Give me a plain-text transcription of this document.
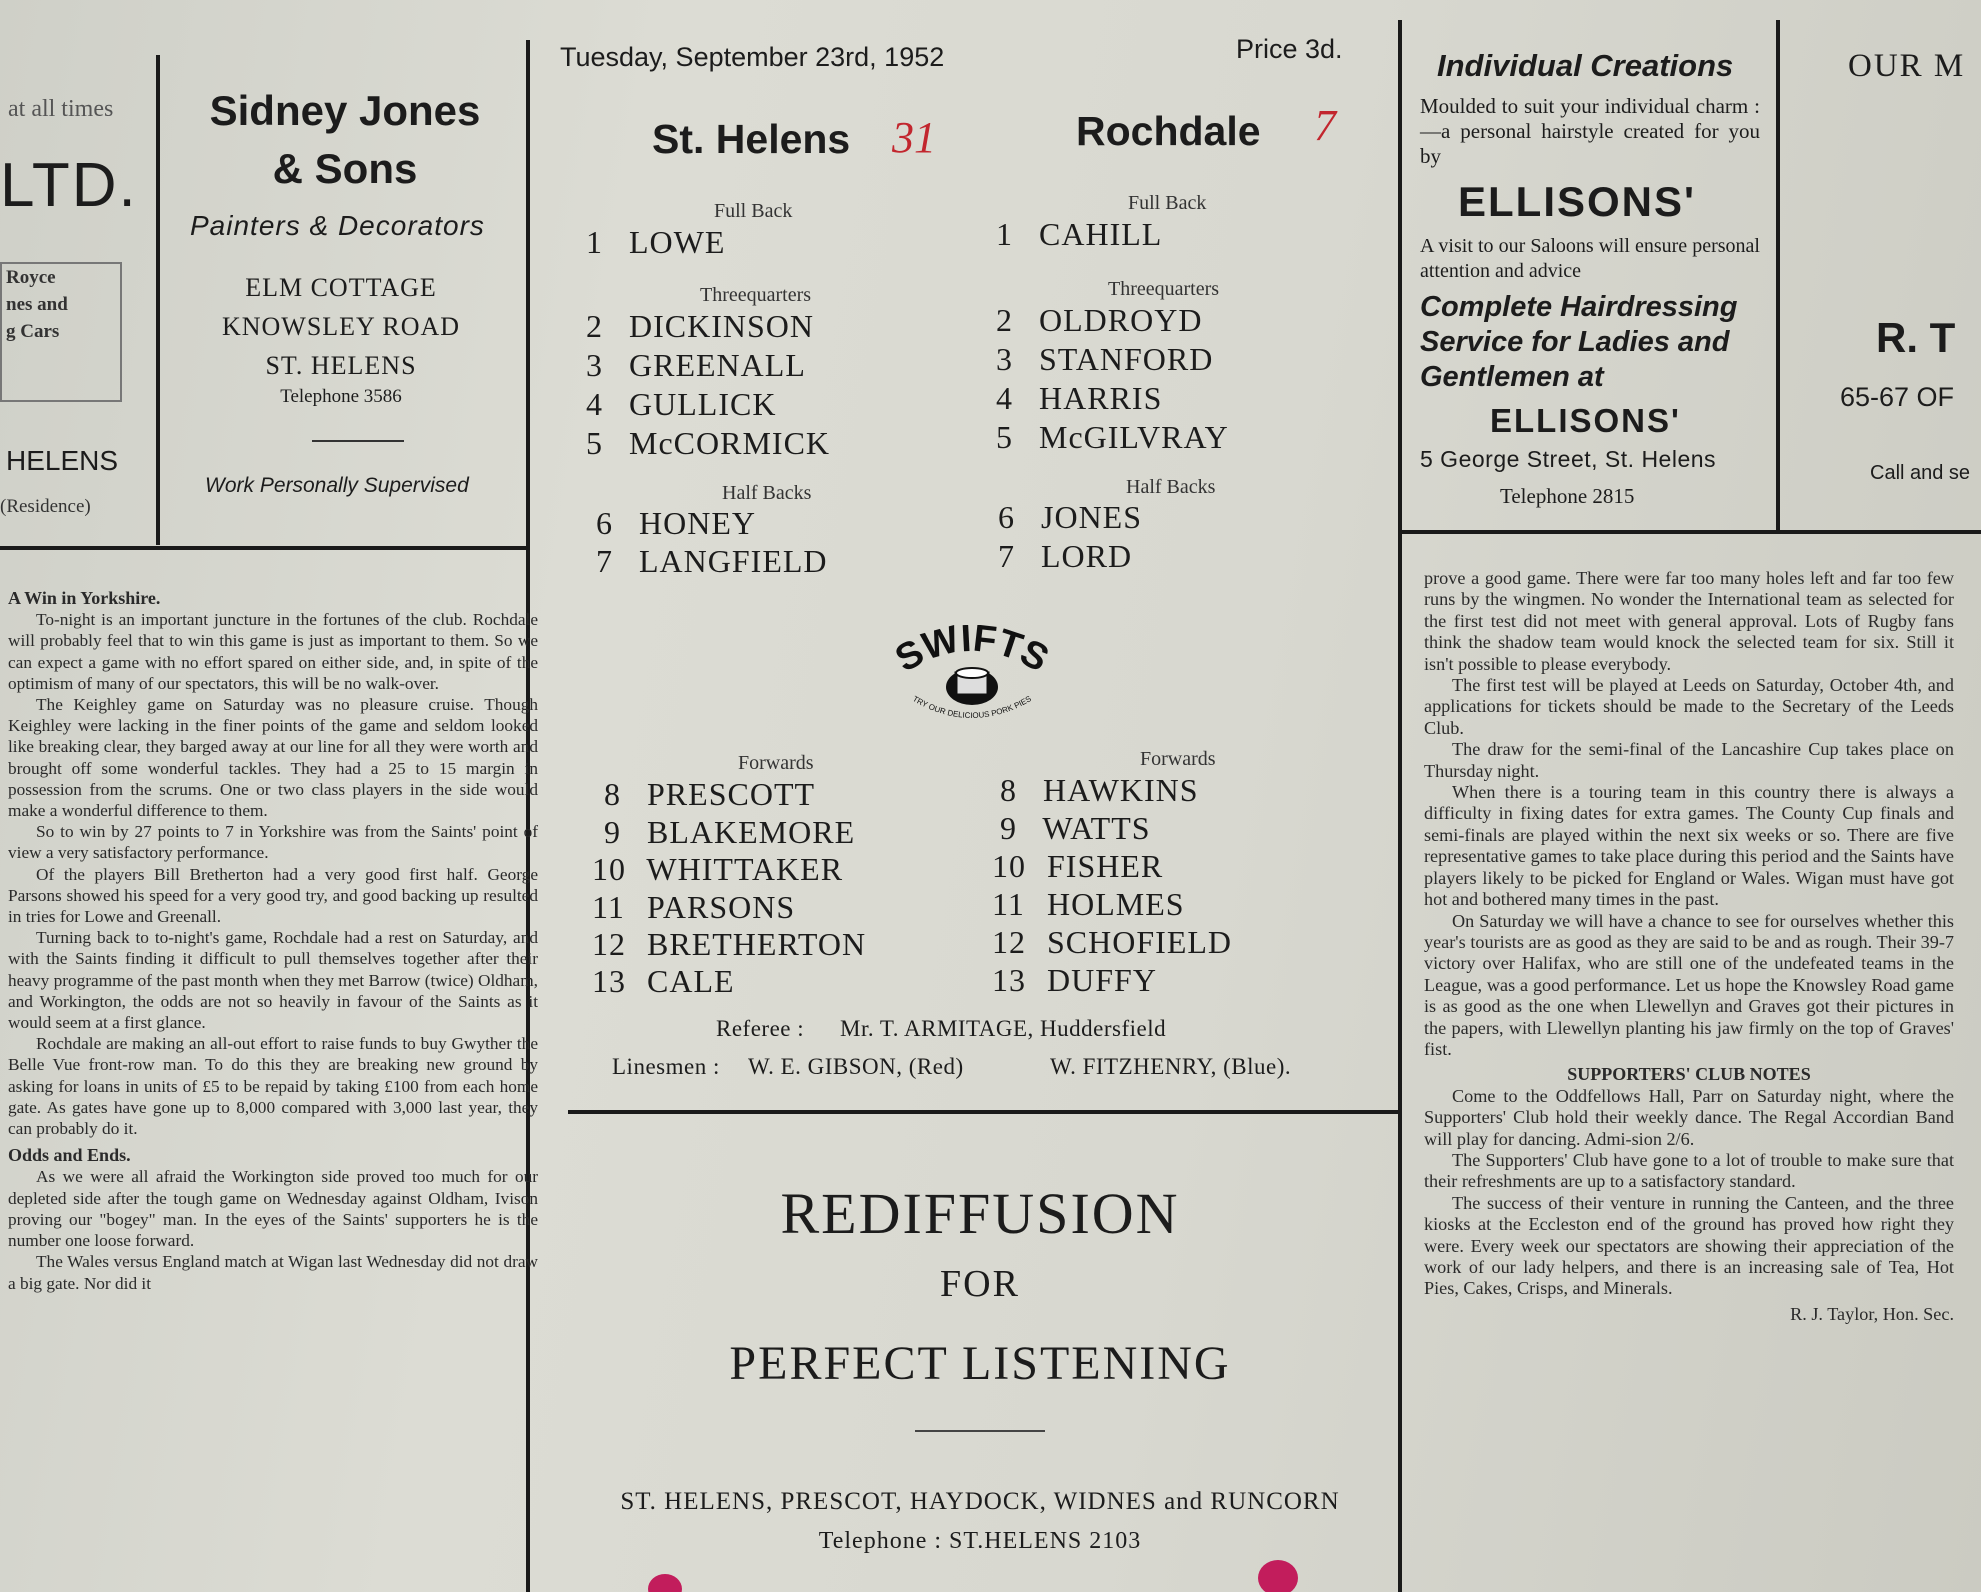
at all times
LTD.
Royce
nes and
g Cars
HELENS
(Residence)
Sidney Jones & Sons
Painters & Decorators
ELM COTTAGE KNOWSLEY ROAD ST. HELENS
Telephone 3586
Work Personally Supervised
A Win in Yorkshire.

To-night is an important juncture in the fortunes of the club. Rochdale will probably feel that to win this game is just as important to them. So we can expect a game with no effort spared on either side, and, in spite of the optimism of many of our spectators, this will be no walk-over.

The Keighley game on Saturday was no pleasure cruise. Though Keighley were lacking in the finer points of the game and seldom looked like breaking clear, they barged away at our line for all they were worth and brought off some wonderful tackles. They had a 25 to 15 margin in possession from the scrums. One or two class players in the side would make a wonderful difference to them.

So to win by 27 points to 7 in Yorkshire was from the Saints' point of view a very satisfactory performance.

Of the players Bill Bretherton had a very good first half. George Parsons showed his speed for a very good try, and good backing up resulted in tries for Lowe and Greenall.

Turning back to to-night's game, Rochdale had a rest on Saturday, and with the Saints finding it difficult to pull themselves together after their heavy programme of the past month when they met Barrow (twice) Oldham, and Workington, the odds are not so heavily in favour of the Saints as it would seem at a first glance.

Rochdale are making an all-out effort to raise funds to buy Gwyther the Belle Vue front-row man. To do this they are breaking new ground by asking for loans in units of £5 to be repaid by taking £100 from each home gate. As gates have gone up to 8,000 compared with 3,000 last year, they can probably do it.

Odds and Ends.

As we were all afraid the Workington side proved too much for our depleted side after the tough game on Wednesday against Oldham, Ivison proving our "bogey" man. In the eyes of the Saints' supporters he is the number one loose forward.

The Wales versus England match at Wigan last Wednesday did not draw a big gate. Nor did it

Tuesday, September 23rd, 1952	Price 3d.
St. Helens 31	Rochdale 7
Full Back
1 LOWE
Threequarters
2 DICKINSON
3 GREENALL
4 GULLICK
5 McCORMICK
Half Backs
6 HONEY
7 LANGFIELD
Forwards
8 PRESCOTT
9 BLAKEMORE
10 WHITTAKER
11 PARSONS
12 BRETHERTON
13 CALE
Full Back
1 CAHILL
Threequarters
2 OLDROYD
3 STANFORD
4 HARRIS
5 McGILVRAY
Half Backs
6 JONES
7 LORD
Forwards
8 HAWKINS
9 WATTS
10 FISHER
11 HOLMES
12 SCHOFIELD
13 DUFFY
SWIFTS
TRY OUR DELICIOUS PORK PIES
Referee : Mr. T. ARMITAGE, Huddersfield
Linesmen : W. E. GIBSON, (Red)	W. FITZHENRY, (Blue).
REDIFFUSION
FOR
PERFECT LISTENING
ST. HELENS, PRESCOT, HAYDOCK, WIDNES and RUNCORN
Telephone : ST.HELENS 2103
Individual Creations
Moulded to suit your individual charm :—a personal hairstyle created for you by
ELLISONS'
A visit to our Saloons will ensure personal attention and advice
Complete Hairdressing Service for Ladies and Gentlemen at
ELLISONS'
5 George Street, St. Helens
Telephone 2815
OUR M
R. T
65-67 OF
Call and se

prove a good game. There were far too many holes left and far too few runs by the wingmen. No wonder the International team as selected for the first test did not meet with general approval. Lots of Rugby fans think the shadow team would knock the selected team for six. Still it isn't possible to please everybody.

The first test will be played at Leeds on Saturday, October 4th, and applications for tickets should be made to the Secretary of the Leeds Club.

The draw for the semi-final of the Lancashire Cup takes place on Thursday night.

When there is a touring team in this country there is always a difficulty in fixing dates for extra games. The County Cup finals and semi-finals are played within the next six weeks or so. There are five representative games to take place during this period and the Saints have players likely to be picked for England or Wales. Wigan must have got hot and bothered many times in the past.

On Saturday we will have a chance to see for ourselves whether this year's tourists are as good as they are said to be and as rough. Their 39-7 victory over Halifax, who are still one of the undefeated teams in the League, was a good performance. Let us hope the Knowsley Road game is as good as the one when Llewellyn and Graves got their pictures in the papers, with Llewellyn planting his jaw firmly on the top of Graves' fist.

SUPPORTERS' CLUB NOTES

Come to the Oddfellows Hall, Parr on Saturday night, where the Supporters' Club hold their weekly dance. The Regal Accordian Band will play for dancing. Admi-sion 2/6.

The Supporters' Club have gone to a lot of trouble to make sure that their refreshments are up to a satisfactory standard.

The success of their venture in running the Canteen, and the three kiosks at the Eccleston end of the ground has proved how right they were. Every week our spectators are showing their appreciation of the work of our lady helpers, and there is an increasing sale of Tea, Hot Pies, Cakes, Crisps, and Minerals.

R. J. Taylor, Hon. Sec.
